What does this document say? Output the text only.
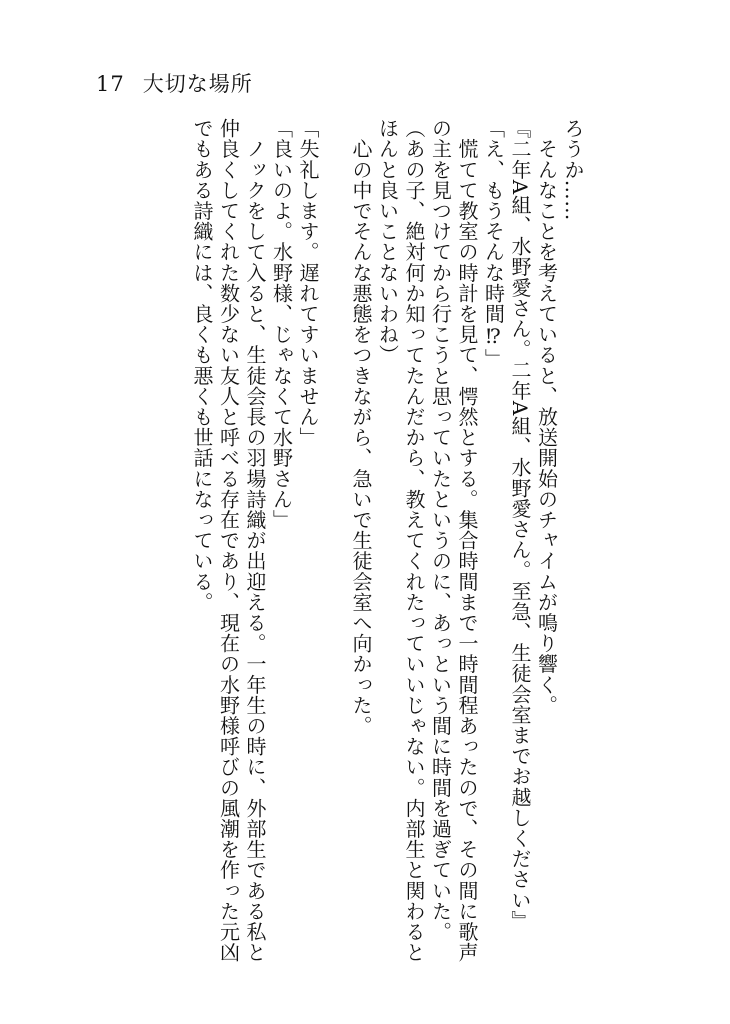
17 大切な場所
ろうか……
　そんなことを考えていると、放送開始のチャイムが鳴り響く。
『二年A組、水野愛さん。二年A組、水野愛さん。至急、生徒会室までお越しください』
「え、もうそんな時間⁉」
　慌てて教室の時計を見て、愕然とする。集合時間まで一時間程あったので、その間に歌声
の主を見つけてから行こうと思っていたというのに、あっという間に時間を過ぎていた。
（あの子、絶対何か知ってたんだから、教えてくれたっていいじゃない。内部生と関わると
ほんと良いことないわね）
　心の中でそんな悪態をつきながら、急いで生徒会室へ向かった。

「失礼します。遅れてすいません」
「良いのよ。水野様、じゃなくて水野さん」
　ノックをして入ると、生徒会長の羽場詩織が出迎える。一年生の時に、外部生である私と
仲良くしてくれた数少ない友人と呼べる存在であり、現在の水野様呼びの風潮を作った元凶
でもある詩織には、良くも悪くも世話になっている。
